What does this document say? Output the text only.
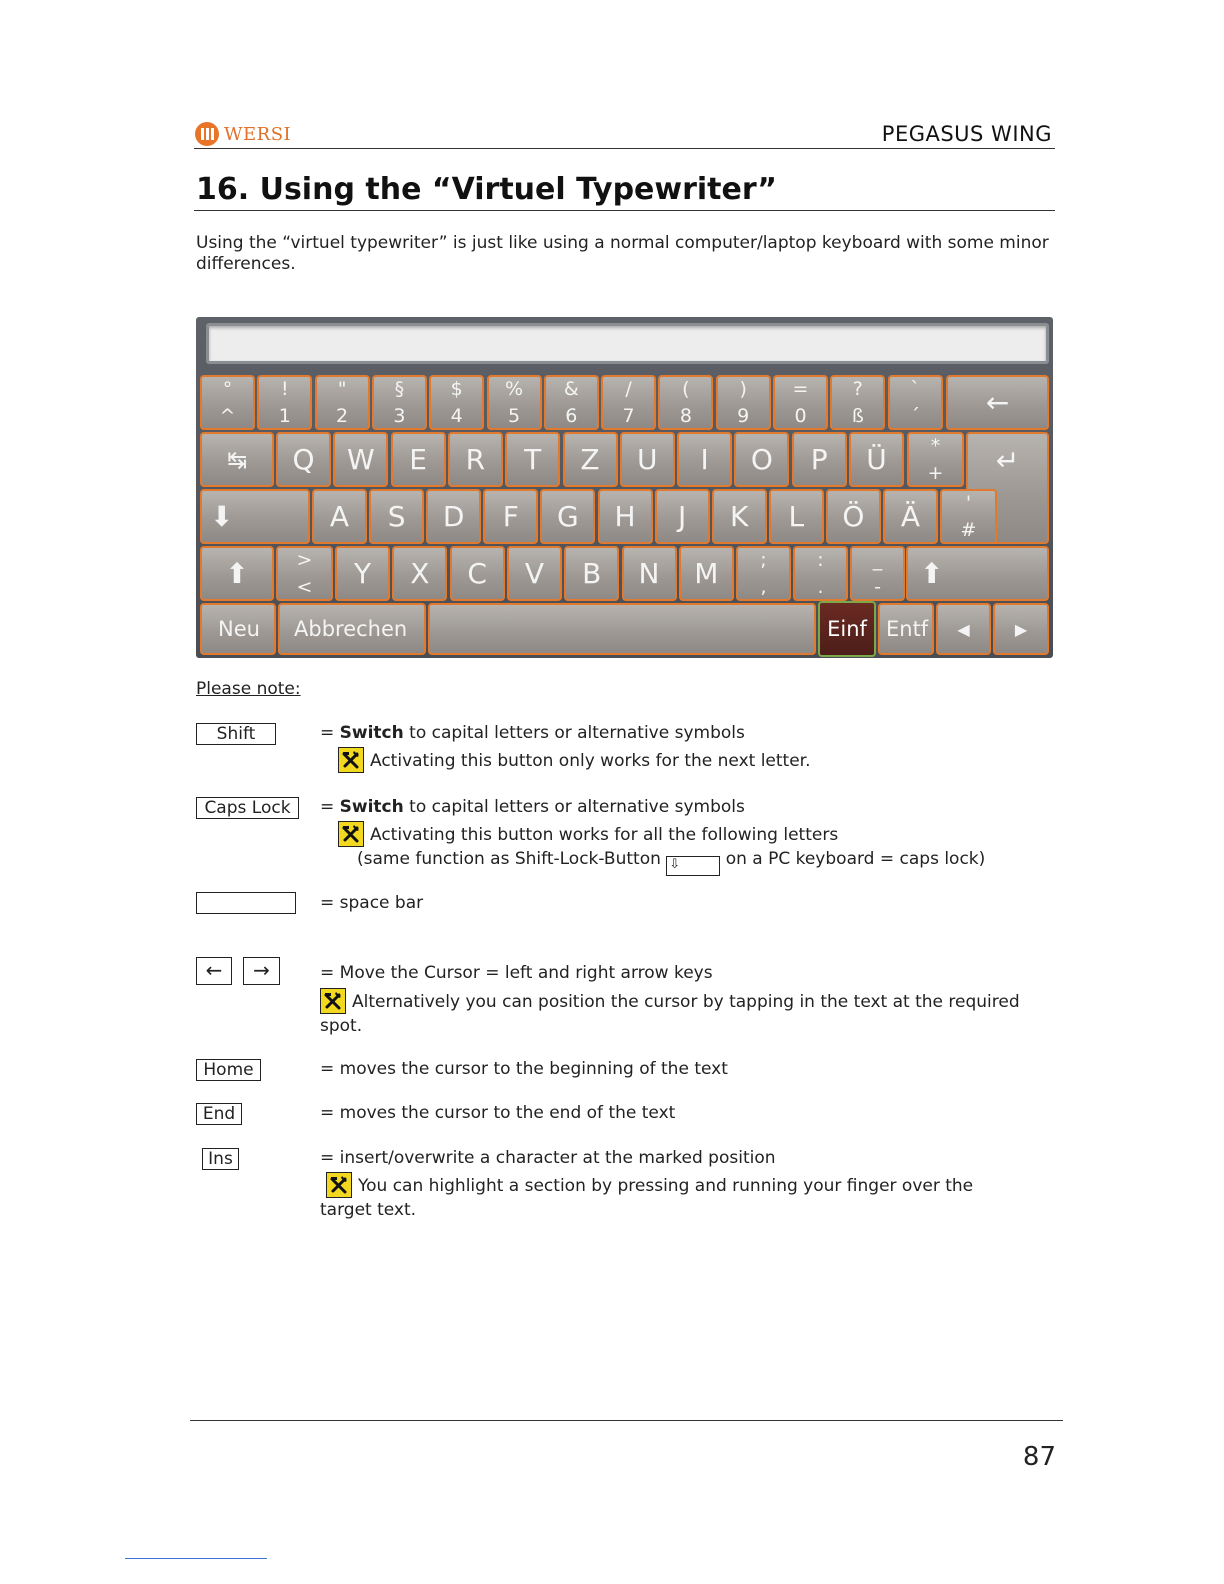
WERSI	PEGASUS WING
16. Using the “Virtuel Typewriter”
Using the “virtuel typewriter” is just like using a normal computer/laptop keyboard with some minor differences.
°
^
!
1
"
2
§
3
$
4
%
5
&
6
/
7
(
8
)
9
=
0
?
ß
`
´	←
↹ Q W E R T Z U I O P Ü	*
+	↵
⬇	A S D F G H J K L Ö Ä	'
#
⬆	>
<	Y X C V B N M	;
,
:
.
_
-	⬆
Neu Abbrechen	Einf Entf ◀	▶
Please note:
Shift	= Switch to capital letters or alternative symbols
Activating this button only works for the next letter.
Caps Lock	= Switch to capital letters or alternative symbols
Activating this button works for all the following letters
(same function as Shift-Lock-Button ⇩	on a PC keyboard = caps lock)
= space bar
←	→	= Move the Cursor = left and right arrow keys
Alternatively you can position the cursor by tapping in the text at the required
spot.
Home	= moves the cursor to the beginning of the text
End	= moves the cursor to the end of the text
Ins	= insert/overwrite a character at the marked position
You can highlight a section by pressing and running your finger over the
target text.
87
